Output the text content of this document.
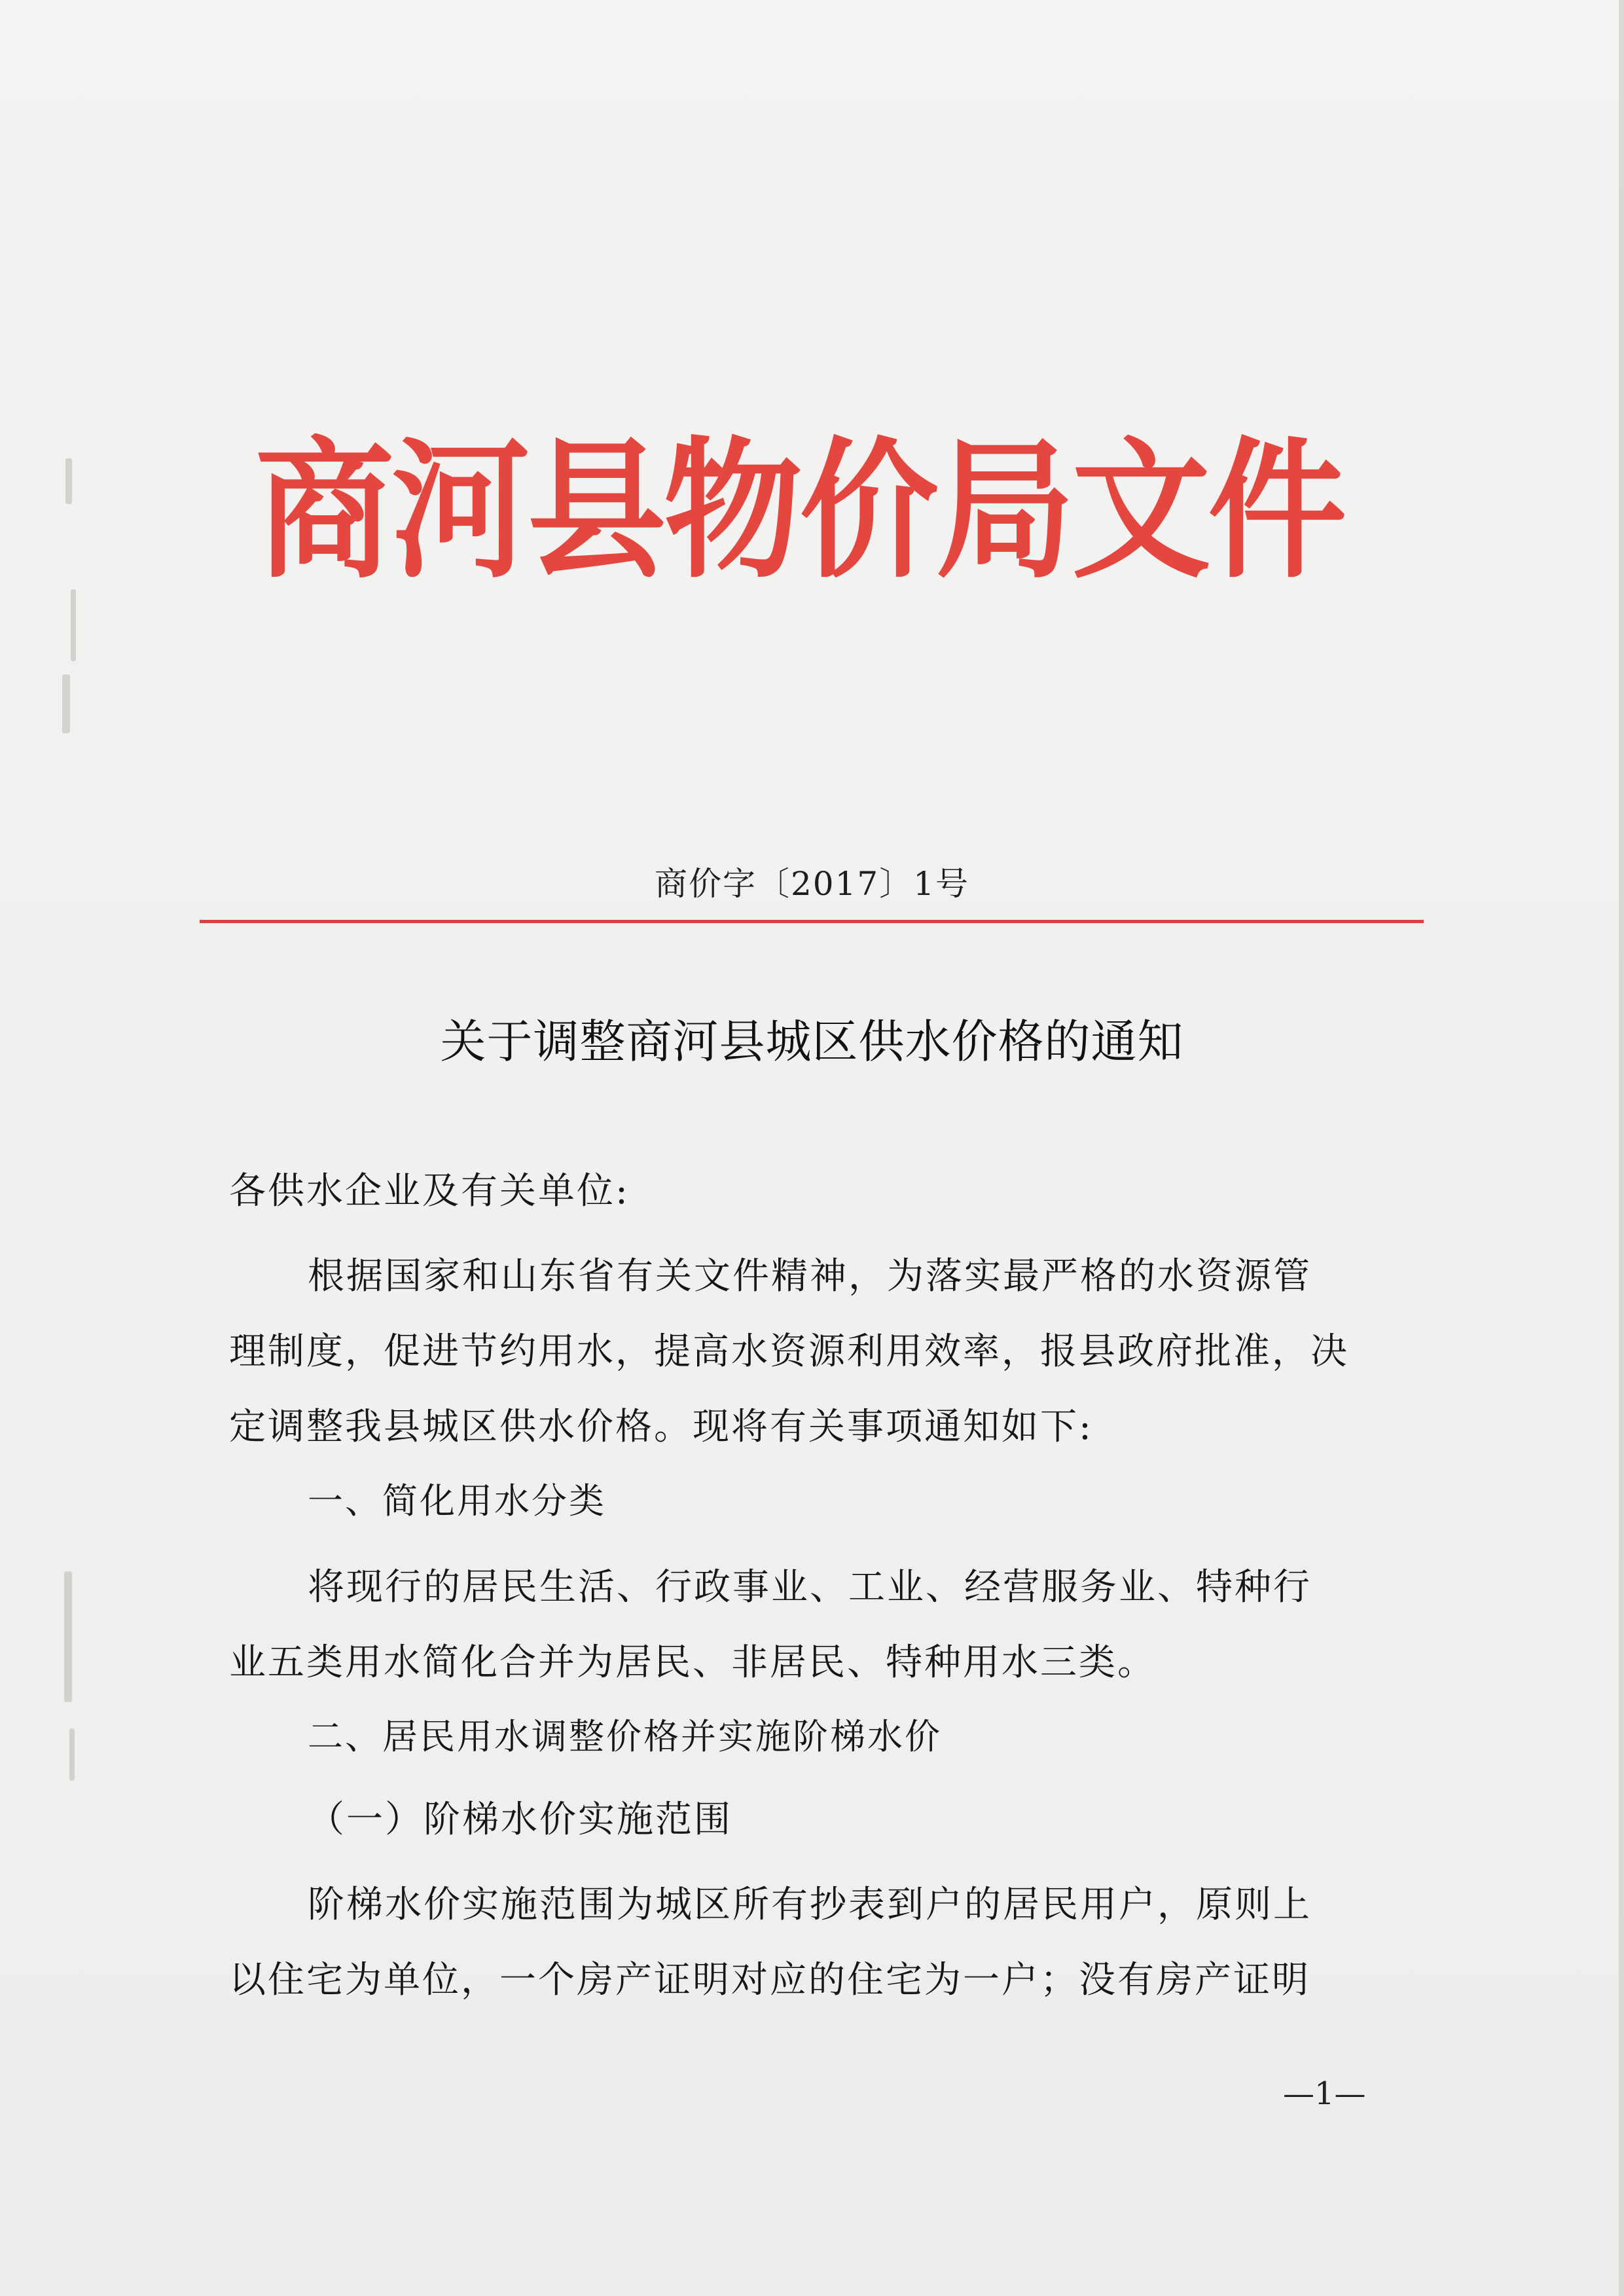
商河县物价局文件
商价字〔2017〕1号
关于调整商河县城区供水价格的通知
各供水企业及有关单位:
根据国家和山东省有关文件精神，为落实最严格的水资源管
理制度，促进节约用水，提高水资源利用效率，报县政府批准，决
定调整我县城区供水价格。现将有关事项通知如下:
一、简化用水分类
将现行的居民生活、行政事业、工业、经营服务业、特种行
业五类用水简化合并为居民、非居民、特种用水三类。
二、居民用水调整价格并实施阶梯水价
（一）阶梯水价实施范围
阶梯水价实施范围为城区所有抄表到户的居民用户，原则上
以住宅为单位，一个房产证明对应的住宅为一户；没有房产证明
—1—
